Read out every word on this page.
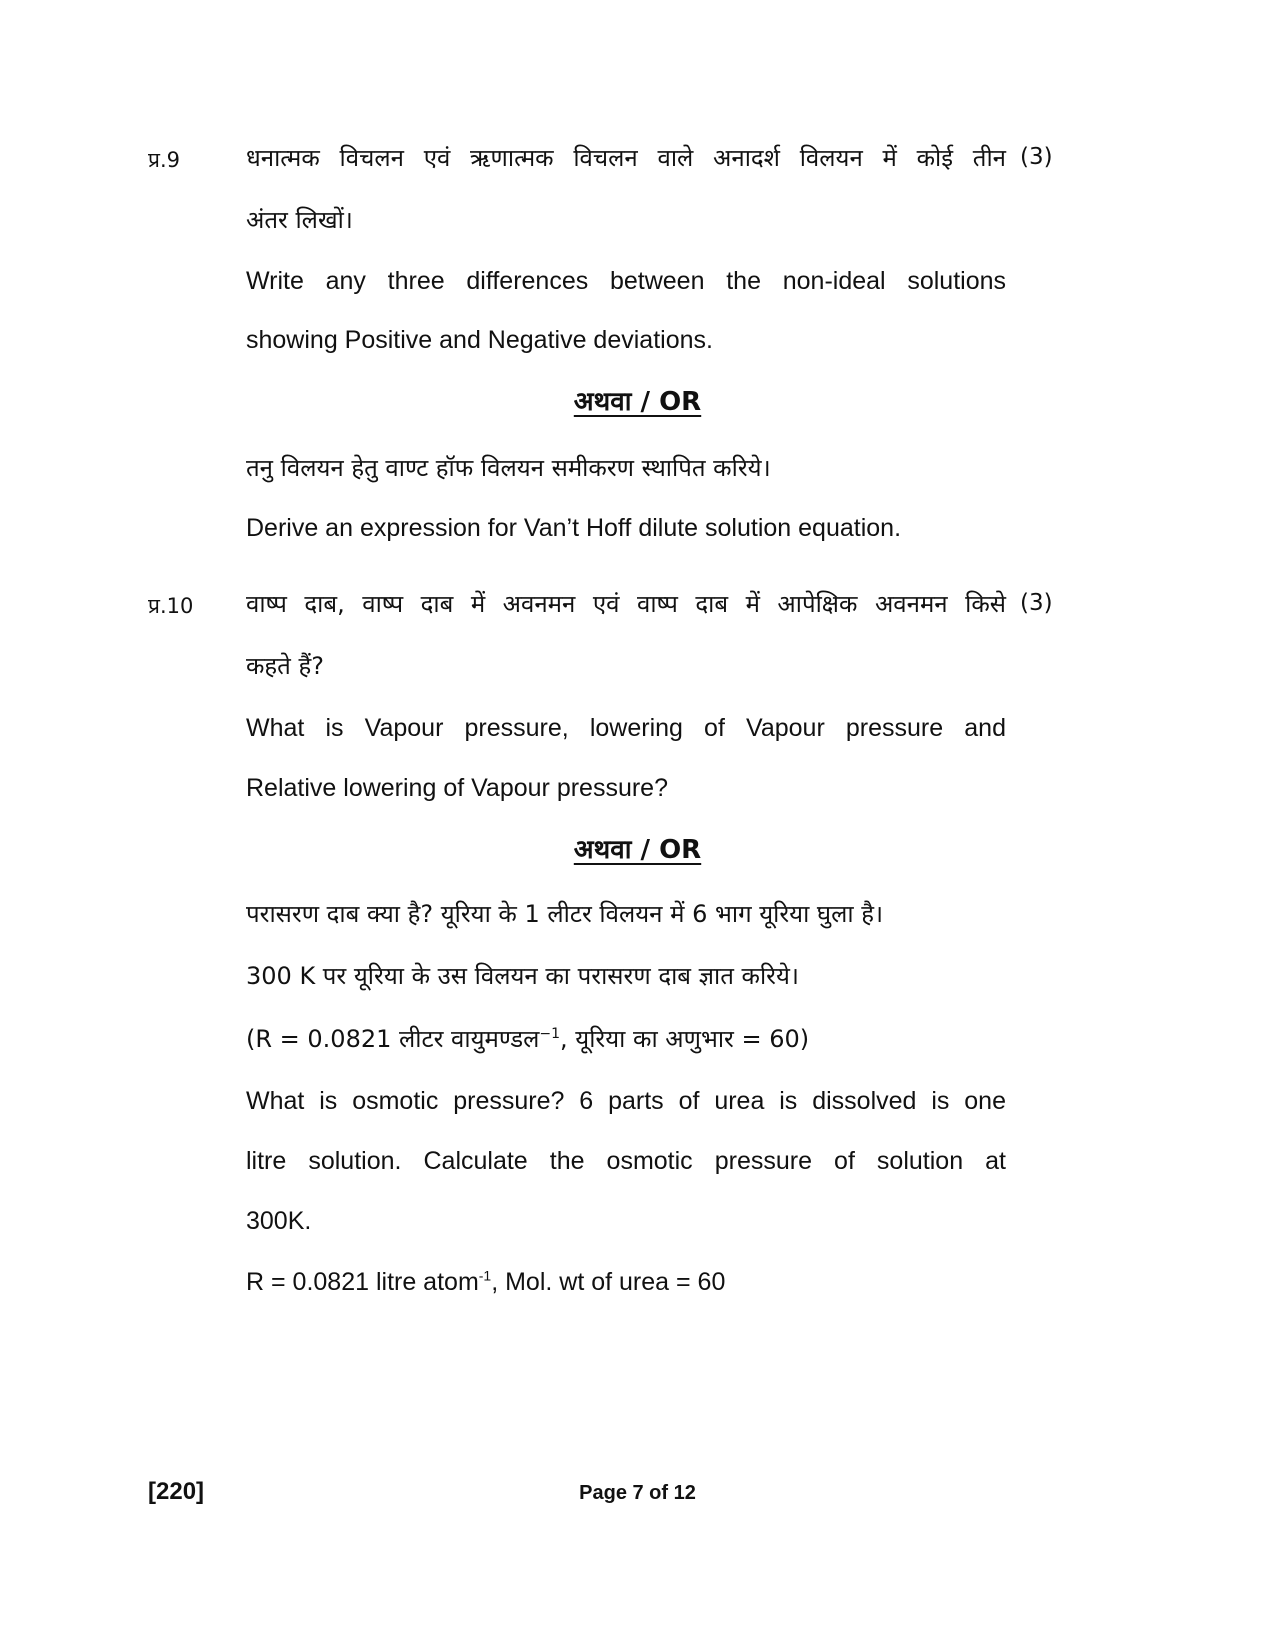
प्र.9	(3)
धनात्मक विचलन एवं ऋणात्मक विचलन वाले अनादर्श विलयन में कोई तीन
अंतर लिखों।
Write any three differences between the non-ideal solutions
showing Positive and Negative deviations.
अथवा / OR
तनु विलयन हेतु वाण्ट हॉफ विलयन समीकरण स्थापित करिये।
Derive an expression for Van’t Hoff dilute solution equation.
प्र.10	(3)
वाष्प दाब, वाष्प दाब में अवनमन एवं वाष्प दाब में आपेक्षिक अवनमन किसे
कहते हैं?
What is Vapour pressure, lowering of Vapour pressure and
Relative lowering of Vapour pressure?
अथवा / OR
परासरण दाब क्या है? यूरिया के 1 लीटर विलयन में 6 भाग यूरिया घुला है।
300 K पर यूरिया के उस विलयन का परासरण दाब ज्ञात करिये।
(R = 0.0821 लीटर वायुमण्डल$^{-1}$, यूरिया का अणुभार = 60)
What is osmotic pressure? 6 parts of urea is dissolved is one
litre solution. Calculate the osmotic pressure of solution at
300K.
R = 0.0821 litre atom$^{-1}$, Mol. wt of urea = 60
[220]	Page 7 of 12
